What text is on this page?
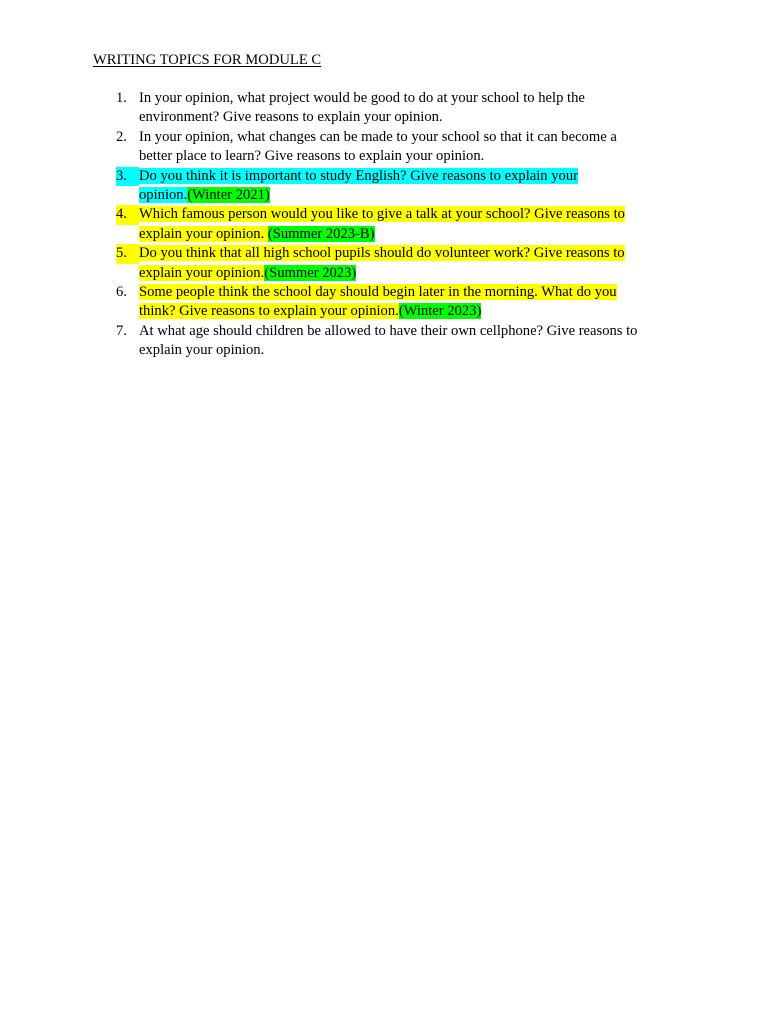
WRITING TOPICS FOR MODULE C
1. In your opinion, what project would be good to do at your school to help the
environment? Give reasons to explain your opinion.
2. In your opinion, what changes can be made to your school so that it can become a
better place to learn? Give reasons to explain your opinion.
3. Do you think it is important to study English? Give reasons to explain your
opinion.(Winter 2021)
4. Which famous person would you like to give a talk at your school? Give reasons to
explain your opinion. (Summer 2023-B)
5. Do you think that all high school pupils should do volunteer work? Give reasons to
explain your opinion.(Summer 2023)
6. Some people think the school day should begin later in the morning. What do you
think? Give reasons to explain your opinion.(Winter 2023)
7. At what age should children be allowed to have their own cellphone? Give reasons to
explain your opinion.
